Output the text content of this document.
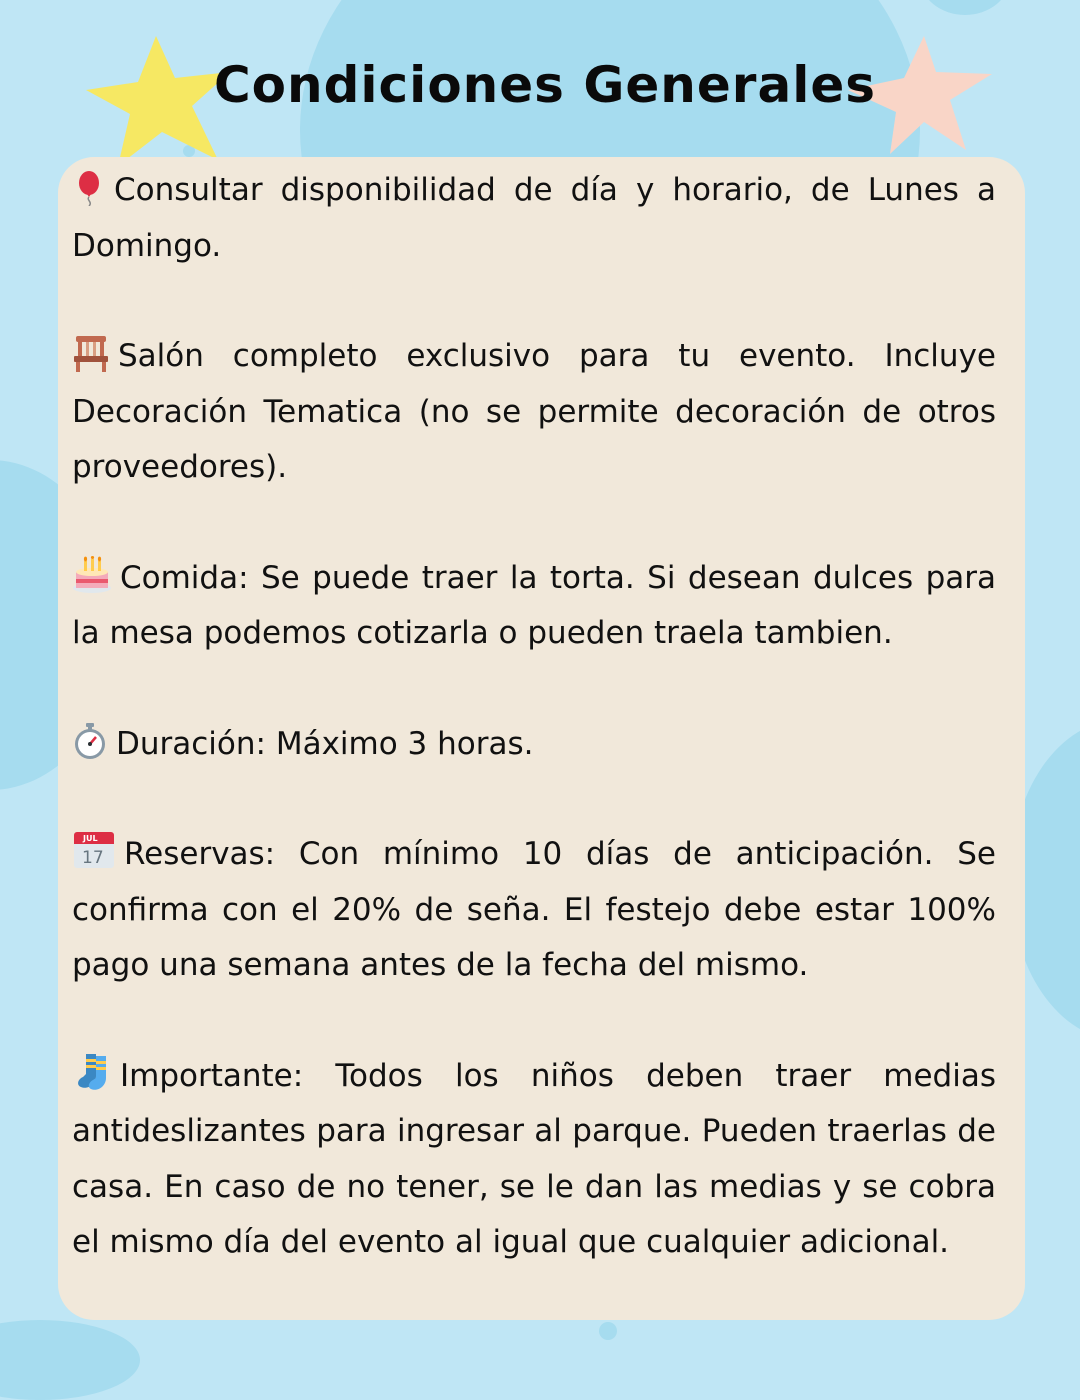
Condiciones Generales

Consultar disponibilidad de día y horario, de Lunes a Domingo.

Salón completo exclusivo para tu evento. Incluye Decoración Tematica (no se permite decoración de otros proveedores).

Comida: Se puede traer la torta. Si desean dulces para la mesa podemos cotizarla o pueden traela tambien.

Duración: Máximo 3 horas.

JUL
17 Reservas: Con mínimo 10 días de anticipación. Se confirma con el 20% de seña. El festejo debe estar 100% pago una semana antes de la fecha del mismo.

Importante: Todos los niños deben traer medias antideslizantes para ingresar al parque. Pueden traerlas de casa. En caso de no tener, se le dan las medias y se cobra el mismo día del evento al igual que cualquier adicional.
